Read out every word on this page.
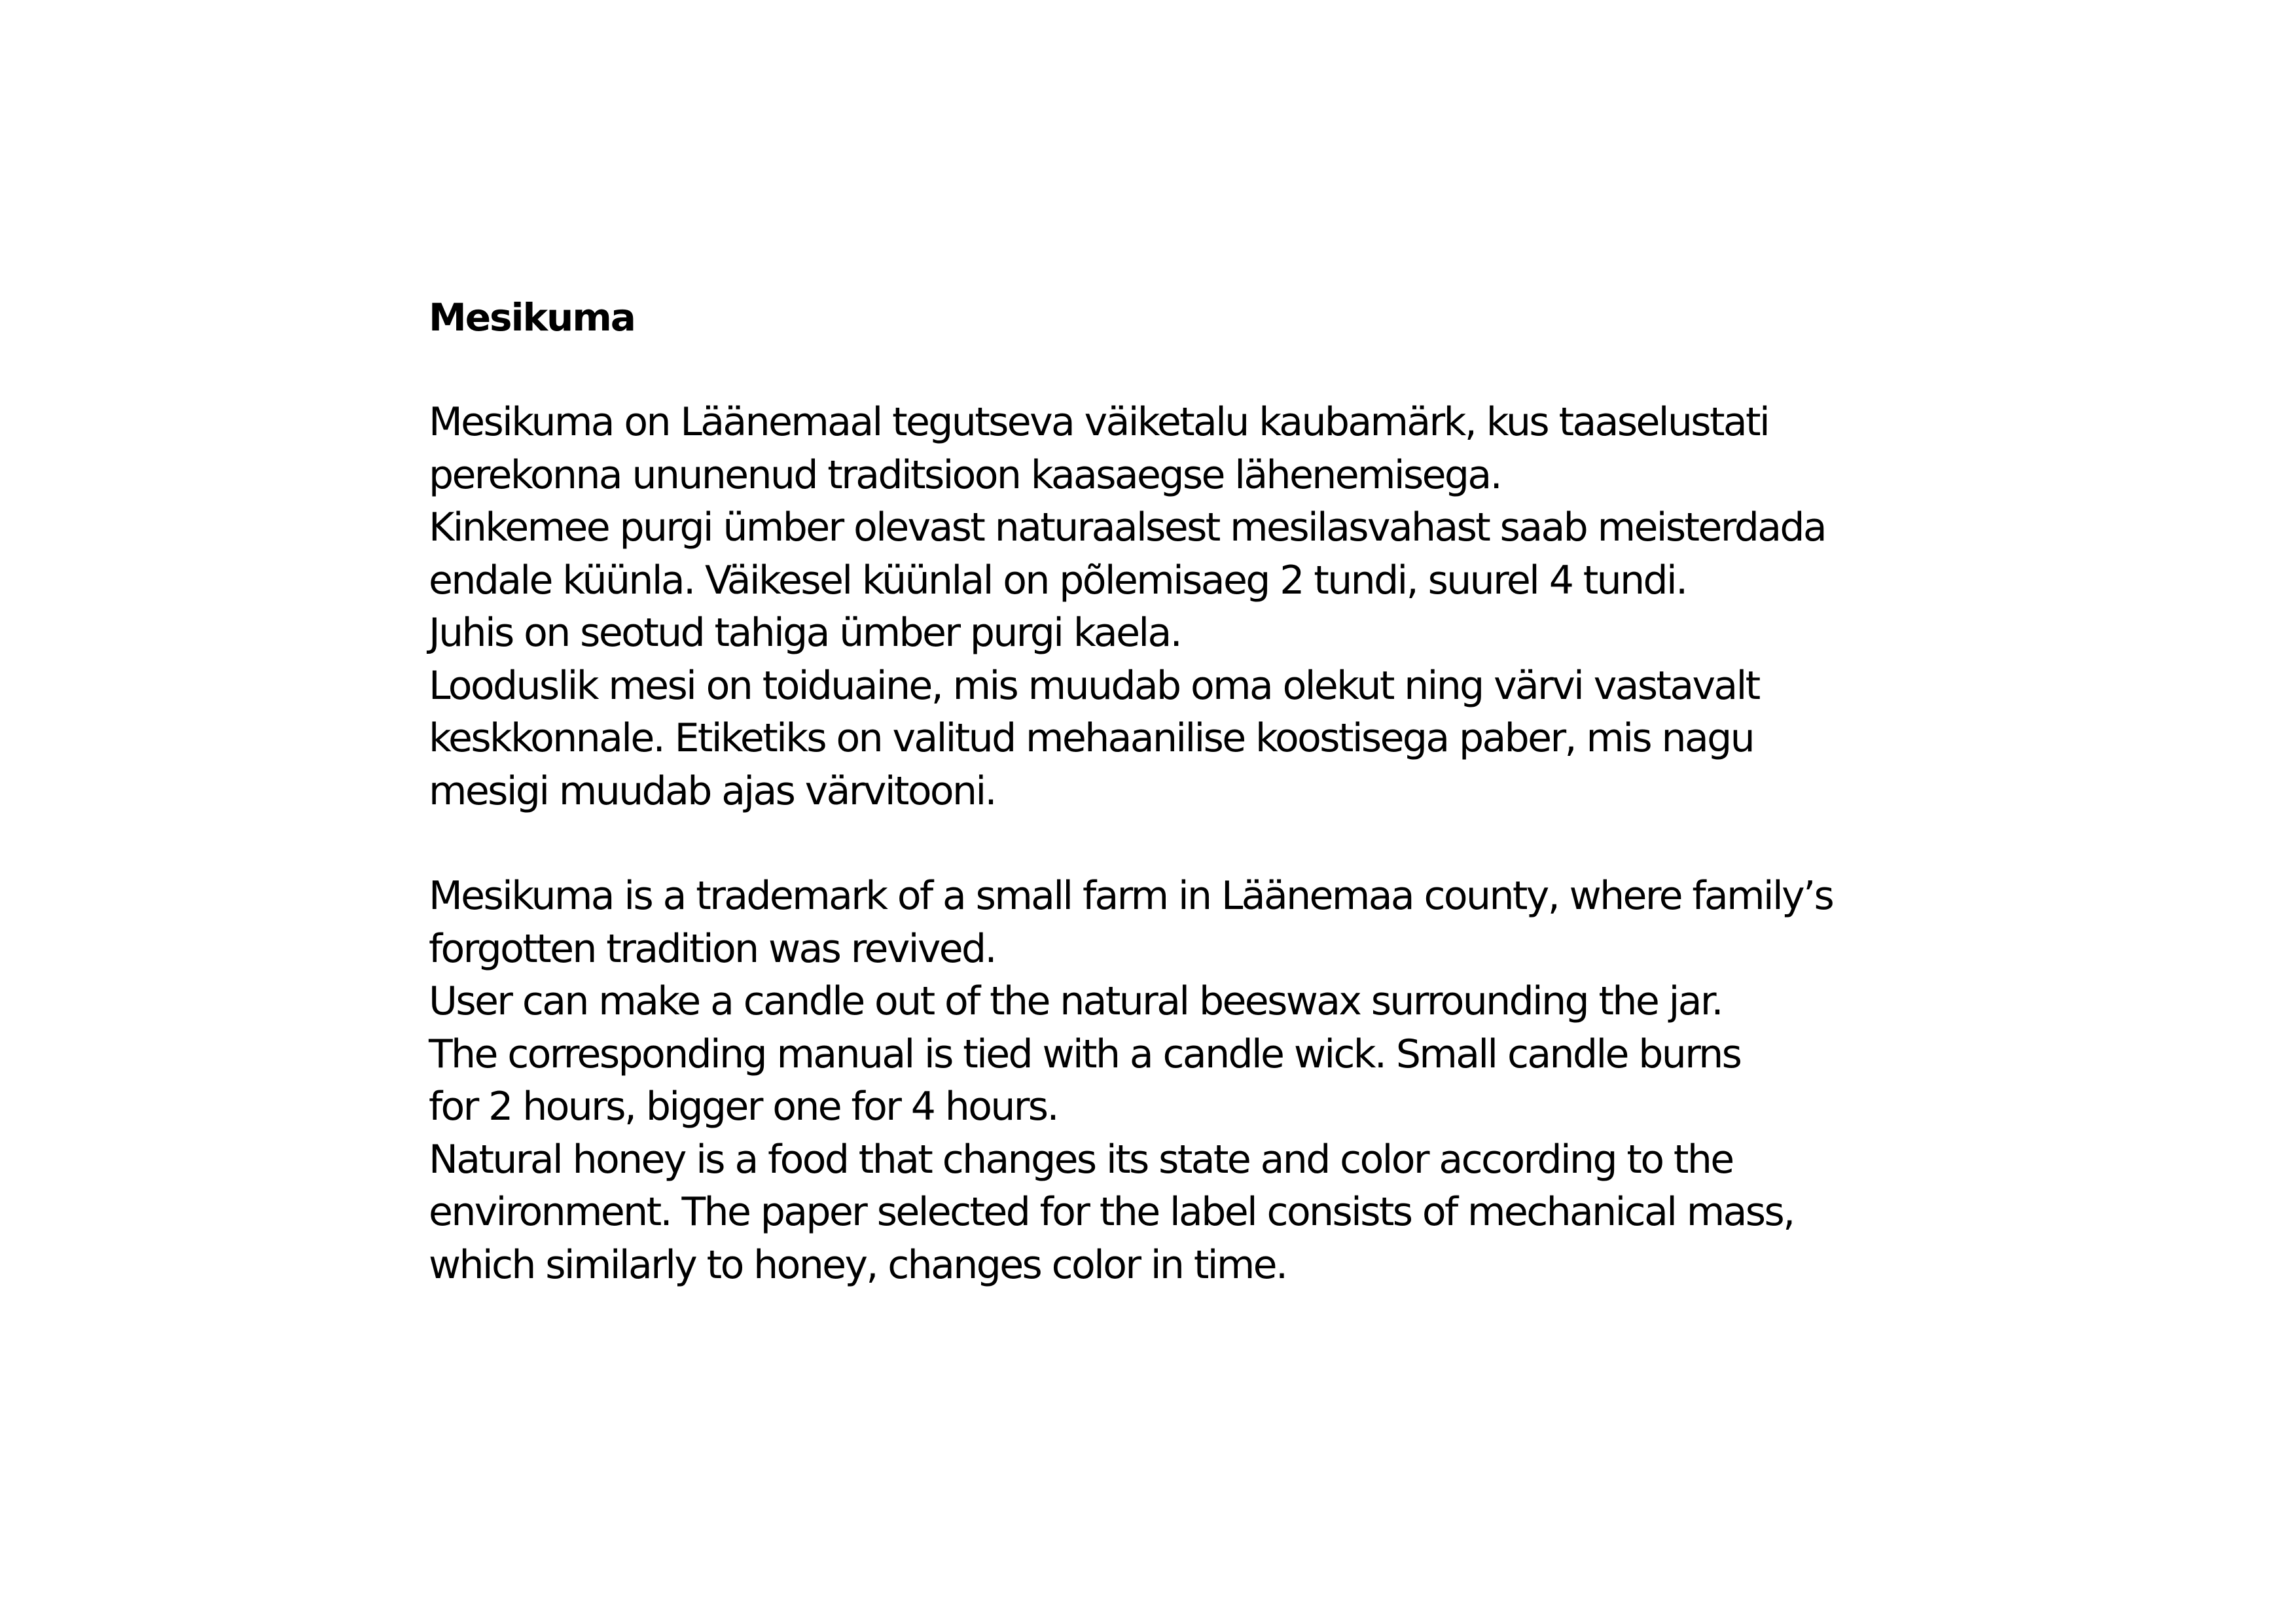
Mesikuma

Mesikuma on Läänemaal tegutseva väiketalu kaubamärk, kus taaselustati
perekonna ununenud traditsioon kaasaegse lähenemisega.
Kinkemee purgi ümber olevast naturaalsest mesilasvahast saab meisterdada
endale küünla. Väikesel küünlal on põlemisaeg 2 tundi, suurel 4 tundi.
Juhis on seotud tahiga ümber purgi kaela.
Looduslik mesi on toiduaine, mis muudab oma olekut ning värvi vastavalt
keskkonnale. Etiketiks on valitud mehaanilise koostisega paber, mis nagu
mesigi muudab ajas värvitooni.

Mesikuma is a trademark of a small farm in Läänemaa county, where family’s
forgotten tradition was revived.
User can make a candle out of the natural beeswax surrounding the jar.
The corresponding manual is tied with a candle wick. Small candle burns
for 2 hours, bigger one for 4 hours.
Natural honey is a food that changes its state and color according to the
environment. The paper selected for the label consists of mechanical mass,
which similarly to honey, changes color in time.
